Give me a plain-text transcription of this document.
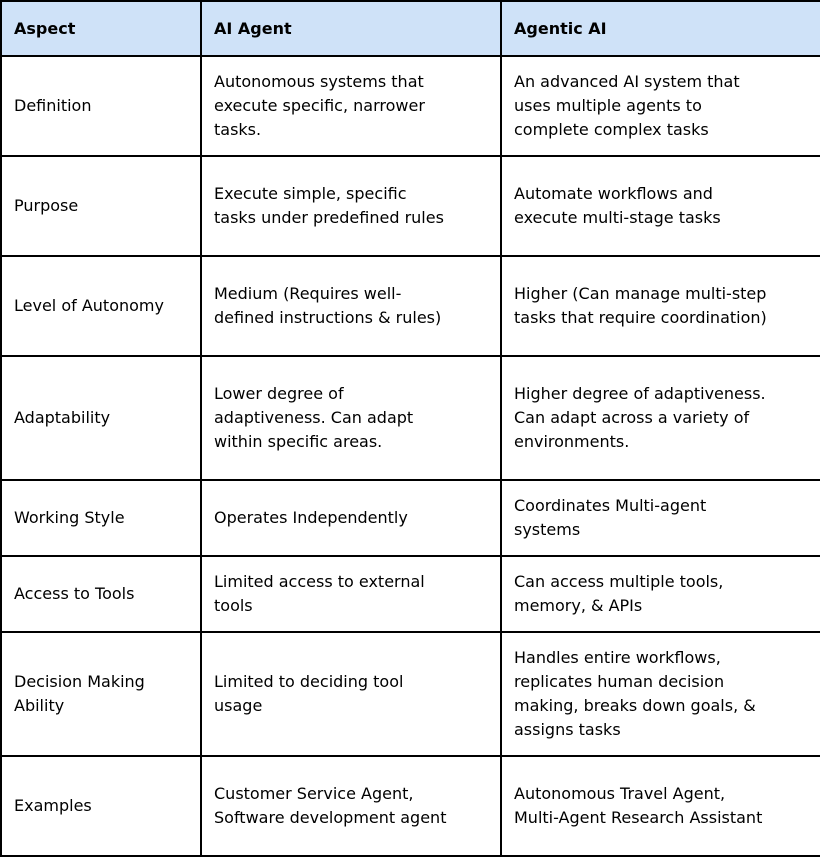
Aspect	AI Agent	Agentic AI
Definition	Autonomous systems that execute specific, narrower tasks.	An advanced AI system that uses multiple agents to complete complex tasks
Purpose	Execute simple, specific tasks under predefined rules	Automate workflows and execute multi-stage tasks
Level of Autonomy	Medium (Requires well-defined instructions & rules)	Higher (Can manage multi-step tasks that require coordination)
Adaptability	Lower degree of adaptiveness. Can adapt within specific areas.	Higher degree of adaptiveness. Can adapt across a variety of environments.
Working Style	Operates Independently	Coordinates Multi-agent systems
Access to Tools	Limited access to external tools	Can access multiple tools, memory, & APIs
Decision Making Ability	Limited to deciding tool usage	Handles entire workflows, replicates human decision making, breaks down goals, & assigns tasks
Examples	Customer Service Agent, Software development agent	Autonomous Travel Agent, Multi-Agent Research Assistant
